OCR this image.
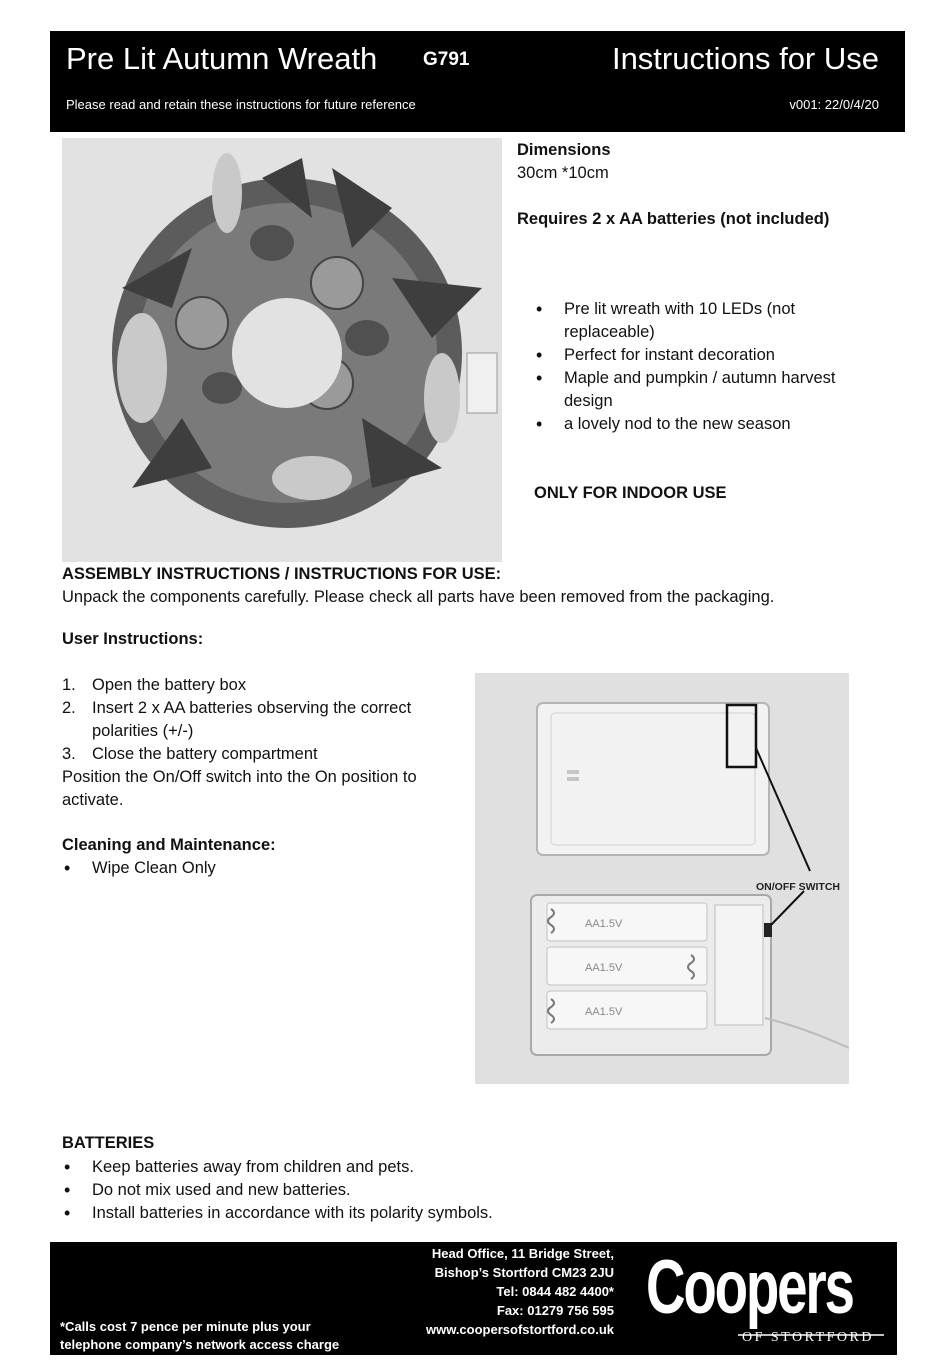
Pre Lit Autumn Wreath G791	Instructions for Use
Please read and retain these instructions for future reference	v001: 22/0/4/20
Dimensions
30cm *10cm
Requires 2 x AA batteries (not included)
• Pre lit wreath with 10 LEDs (not replaceable)
• Perfect for instant decoration
• Maple and pumpkin / autumn harvest design
• a lovely nod to the new season
ONLY FOR INDOOR USE
ASSEMBLY INSTRUCTIONS / INSTRUCTIONS FOR USE:
Unpack the components carefully. Please check all parts have been removed from the packaging.
User Instructions:
1. Open the battery box
2. Insert 2 x AA batteries observing the correct polarities (+/-)
3. Close the battery compartment
Position the On/Off switch into the On position to activate.
Cleaning and Maintenance:
• Wipe Clean Only
AA1.5V
AA1.5V
AA1.5V
ON/OFF SWITCH
BATTERIES
• Keep batteries away from children and pets.
• Do not mix used and new batteries.
• Install batteries in accordance with its polarity symbols.
Head Office, 11 Bridge Street,
Bishop’s Stortford CM23 2JU
Tel: 0844 482 4400*
Fax: 01279 756 595
www.coopersofstortford.co.uk
*Calls cost 7 pence per minute plus your
telephone company’s network access charge
Coopers
OF STORTFORD
